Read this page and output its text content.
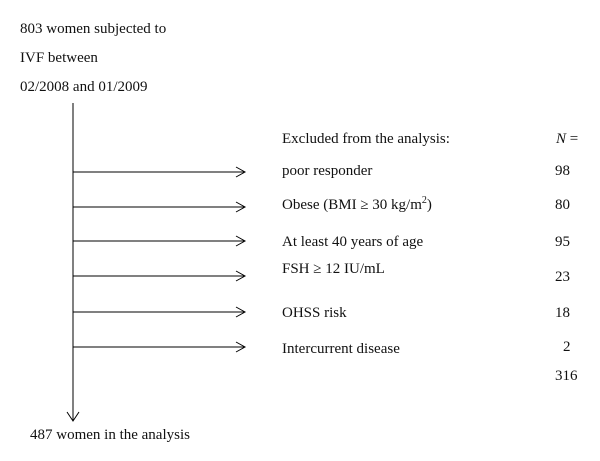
803 women subjected to
IVF between
02/2008 and 01/2009
Excluded from the analysis:	N =
poor responder
Obese (BMI ≥ 30 $kg/m^2$)
At least 40 years of age
FSH ≥ 12 IU/mL
OHSS risk
Intercurrent disease
98
80
95
23
18
2
316
487 women in the analysis
